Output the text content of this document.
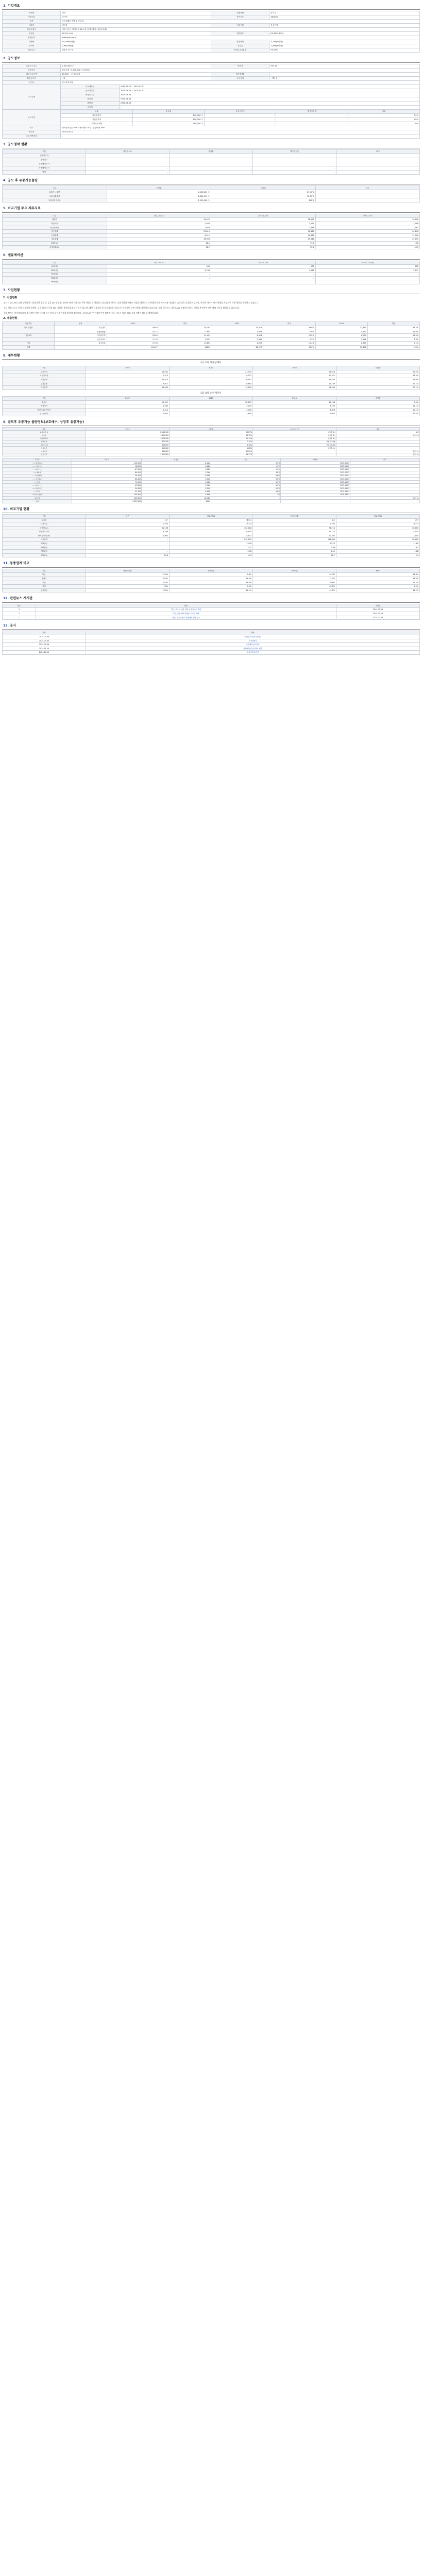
1. 기업개요
종목명	더즌	진행상황	공모주
시장구분	코스닥	종목코드	462860
업종	소프트웨어 개발 및 공급업		
대표자	김용우	기업구분	중소기업
본점소재지	서울 성동구 왕십리로 58, 5층 (성수동1가, 서울숲포휴)		
설립일	2015.12.03	전화번호	02-6329-1201
홈페이지	www.dozn.co.kr		
매출액	30,198(백만원)	영업이익	3,756(백만원)
순이익	2,962(백만원)	자본금	2,584(백만원)
최대주주	김용우 외 7인	최대주주지분율	55.27%
2. 공모정보
총공모주식수	1,000,000 주	액면가	500 원
상장공모	신주모집 : 1,000,000 주 (100%)		
희망공모가액	15,500 ~ 17,500 원	청약경쟁률	-
확정공모가	- 원	공모금액	- 백만원
주간사	한국투자증권		
주요일정	수요예측일	2025.03.20 ~ 2025.03.27
	공모청약일	2025.04.01 ~ 2025.04.02
	배정공고일	2025.04.04
	납입일	2025.04.04
	환불일	2025.04.04
	상장일	-
공모사항	구분	주식수	주당공모가	총공모금액	비율
	일반청약자	250,000 주	-	-	25%
	기관투자자	650,000 주	-	-	65%
	우리사주조합	100,000 주	-	-	10%
비고	청약증거금율 50% / 최소청약 10주 / 균등배정 50%
IR일자	2025.03.24
수요예측결과	-
3. 공모청약 현황
구분	청약주식수	경쟁률	청약증거금	비고
일반청약자	-	-	-	-
청약건수	-	-	-	-
균등배정주식	-	-	-	-
비례배정주식	-	-	-	-
합계	-	-	-	-
4. 공모 후 유통가능물량
구분	주식수	지분율	비고
유통가능물량	1,463,601 주	27.47%	
보호예수물량	3,865,399 주	72.53%	
상장예정주식수	5,329,000 주	100%	
5. 비교기업 주요 재무지표
구분	2022.12.31	2023.12.31	2024.12.31
매출액	25,407	28,127	30,198
영업이익	2,563	3,102	3,756
당기순이익	1,943	2,484	2,962
자산총계	25,815	30,447	36,240
부채총계	8,912	10,883	12,746
자본총계	16,903	19,564	23,494
ROE(%)	12.1	13.6	13.8
부채비율(%)	52.7	55.6	54.3
6. 밸류에이션
구분	2023.12.31	2024.12.31	2025.12.31(E)
EPS(원)	480	573	652
BPS(원)	3,784	4,545	5,197
PER(배)	-	-	-
PBR(배)	-	-	-
PSR(배)	-	-	-
7. 사업현황
1. 사업현황

당사는 2015년 12월 설립되어 디지털전환 솔루션, 금융 API 플랫폼, 데이터 관리 서비스를 주력 사업으로 영위하고 있습니다. 당사는 금융기관과 핀테크 기업을 대상으로 오픈뱅킹 중계 서비스와 자금관리 솔루션을 공급하고 있으며, 축적된 데이터 처리 역량을 바탕으로 사업 영역을 확대하고 있습니다.

주요 제품으로는 통합 자금관리 플랫폼, 금융 데이터 중계 API, 기업용 전자결제 솔루션 등이 있으며, 대형 금융기관 및 공공기관을 중심으로 안정적인 고객 기반을 확보하고 있습니다. 특히 클라우드 기반 SaaS 형태의 서비스 전환을 추진하여 반복 매출 비중을 확대하고 있습니다.

향후 당사는 마이데이터 및 블록체인 기반 디지털 자산 관리 분야로 사업을 확장할 계획이며, 공모자금은 연구개발 인력 확충과 신규 서비스 개발, 해외 시장 진출에 활용될 예정입니다.

2. 매출현황
사업부문	품목	2022	비중	2023	비중	2024	비중
디지털전환	자금관리	9,840	38.7%	11,215	39.9%	12,430	41.2%
	통합플랫폼	4,512	17.8%	5,023	17.9%	5,610	18.6%
금융API	데이터중계	6,204	24.4%	6,618	23.5%	6,905	22.9%
	인증서비스	2,118	8.3%	2,342	8.3%	2,516	8.3%
기타	유지보수	2,733	10.8%	2,929	10.4%	2,737	9.1%
합계		25,407	100%	28,127	100%	30,198	100%
8. 재무현황
(1) 요약 재무상태표
구분	2022	2023	2024	증감률
유동자산	18,402	21,735	25,918	19.2%
비유동자산	7,413	8,712	10,322	18.5%
자산총계	25,815	30,447	36,240	19.0%
부채총계	8,912	10,883	12,746	17.1%
자본총계	16,903	19,564	23,494	20.1%
(2) 요약 손익계산서
구분	2022	2023	2024	증감률
매출액	25,407	28,127	30,198	7.4%
영업이익	2,563	3,102	3,756	21.1%
법인세차감전이익	2,412	3,045	3,628	19.1%
당기순이익	1,943	2,484	2,962	19.2%
9. 공모후 유통가능 물량정보(보호예수, 상장후 유통가능)
구분	주식수	지분율	보호예수기간	비고
최대주주 등	2,945,000	55.27%	상장후 3년	확약
김용우	1,820,000	34.15%	상장후 3년	대표이사
특수관계인	1,125,000	21.11%	상장후 3년	
벤처금융	412,500	7.74%	상장후 1개월	
기관투자자	325,899	6.12%	상장후 6개월	
우리사주	100,000	1.88%	상장후 1년	
기타주주	545,601	10.24%	-	유통가능
공모주주	1,000,000	18.77%	-	유통가능
주주명	주식수	지분율	기간	해제일	비고
ㅇㅇ벤처투자	112,500	2.11%	1개월	2025.05.07	
ㅁㅁ인베스트	98,000	1.84%	1개월	2025.05.07	
ㅅㅅ파트너스	87,500	1.64%	1개월	2025.05.07	
ㅎㅎ캐피탈	64,500	1.21%	3개월	2025.07.07	
ㄱㄱ투자조합	50,000	0.94%	3개월	2025.07.07	
ㄴㄴ자산운용	82,400	1.55%	6개월	2025.10.07	
ㄷㄷ증권	71,200	1.34%	6개월	2025.10.07	
ㄹㄹ파트너스	65,800	1.23%	6개월	2025.10.07	
ㅂㅂ인베스트	54,300	1.02%	6개월	2025.10.07	
ㅈㅈ투자	52,199	0.98%	6개월	2025.10.07	
우리사주조합	100,000	1.88%	1년	2026.04.07	
기타주주	545,601	10.24%	-	-	유통가능
합계	5,329,000	100%			
10. 비교기업 현황
구분	더즌	비교기업A	비교기업B	비교기업C
회사명	더즌	웹케시	쿠콘	핑거
시장구분	코스닥	코스닥	코스닥	코스닥
매출액(24)	30,198	102,418	74,215	58,630
영업이익(24)	3,756	18,405	12,110	4,302
당기순이익(24)	2,962	15,627	10,382	3,114
시가총액	-	242,100	215,800	98,400
PER(배)	-	15.49	20.79	31.60
PBR(배)	-	2.21	2.64	1.87
PSR(배)	-	2.36	2.91	1.68
ROE(%)	13.8	14.3	12.7	5.9
11. 동종업계 비교
구분	영업이익률	순이익률	부채비율	ROE
더즌	12.4%	9.8%	54.3%	13.8%
웹케시	18.0%	15.3%	31.2%	14.3%
쿠콘	16.3%	14.0%	28.6%	12.7%
핑거	7.3%	5.3%	62.1%	5.9%
업종평균	13.5%	11.1%	44.1%	11.7%
12. 관련뉴스 게시판
번호	제목	작성일
3	더즌, 코스닥 상장 위한 증권신고서 제출	2025.03.04
2	더즌, 금융 API 플랫폼 고객사 확대	2025.02.18
1	더즌, 한국거래소 상장예비심사 통과	2025.02.06
13. 공시
일자	제목
2025.03.04	증권신고서(지분증권)
2025.03.04	투자설명서
2025.02.06	상장예비심사결과
2024.11.20	상장예비심사신청서 제출
2024.10.15	주요사항보고서
